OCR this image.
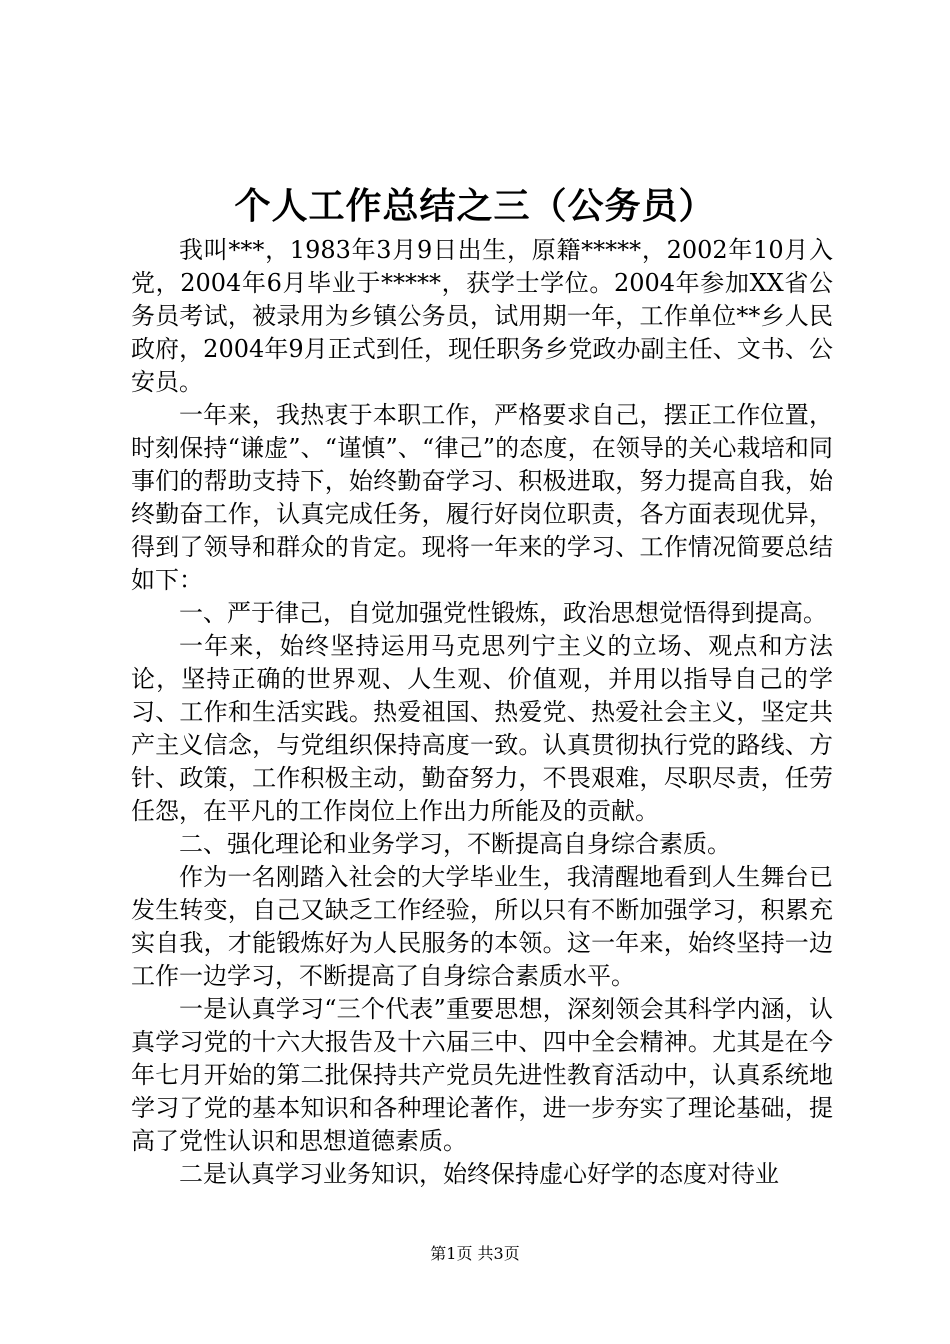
个人工作总结之三（公务员）

我叫***，1983年3月9日出生，原籍*****，2002年10月入党，2004年6月毕业于*****，获学士学位。2004年参加XX省公务员考试，被录用为乡镇公务员，试用期一年，工作单位**乡人民政府，2004年9月正式到任，现任职务乡党政办副主任、文书、公安员。

一年来，我热衷于本职工作，严格要求自己，摆正工作位置，时刻保持“谦虚”、“谨慎”、“律己”的态度，在领导的关心栽培和同事们的帮助支持下，始终勤奋学习、积极进取，努力提高自我，始终勤奋工作，认真完成任务，履行好岗位职责，各方面表现优异，得到了领导和群众的肯定。现将一年来的学习、工作情况简要总结如下：

一、严于律己，自觉加强党性锻炼，政治思想觉悟得到提高。

一年来，始终坚持运用马克思列宁主义的立场、观点和方法论，坚持正确的世界观、人生观、价值观，并用以指导自己的学习、工作和生活实践。热爱祖国、热爱党、热爱社会主义，坚定共产主义信念，与党组织保持高度一致。认真贯彻执行党的路线、方针、政策，工作积极主动，勤奋努力，不畏艰难，尽职尽责，任劳任怨，在平凡的工作岗位上作出力所能及的贡献。

二、强化理论和业务学习，不断提高自身综合素质。

作为一名刚踏入社会的大学毕业生，我清醒地看到人生舞台已发生转变，自己又缺乏工作经验，所以只有不断加强学习，积累充实自我，才能锻炼好为人民服务的本领。这一年来，始终坚持一边工作一边学习，不断提高了自身综合素质水平。

一是认真学习“三个代表”重要思想，深刻领会其科学内涵，认真学习党的十六大报告及十六届三中、四中全会精神。尤其是在今年七月开始的第二批保持共产党员先进性教育活动中，认真系统地学习了党的基本知识和各种理论著作，进一步夯实了理论基础，提高了党性认识和思想道德素质。

二是认真学习业务知识，始终保持虚心好学的态度对待业

第1页 共3页
